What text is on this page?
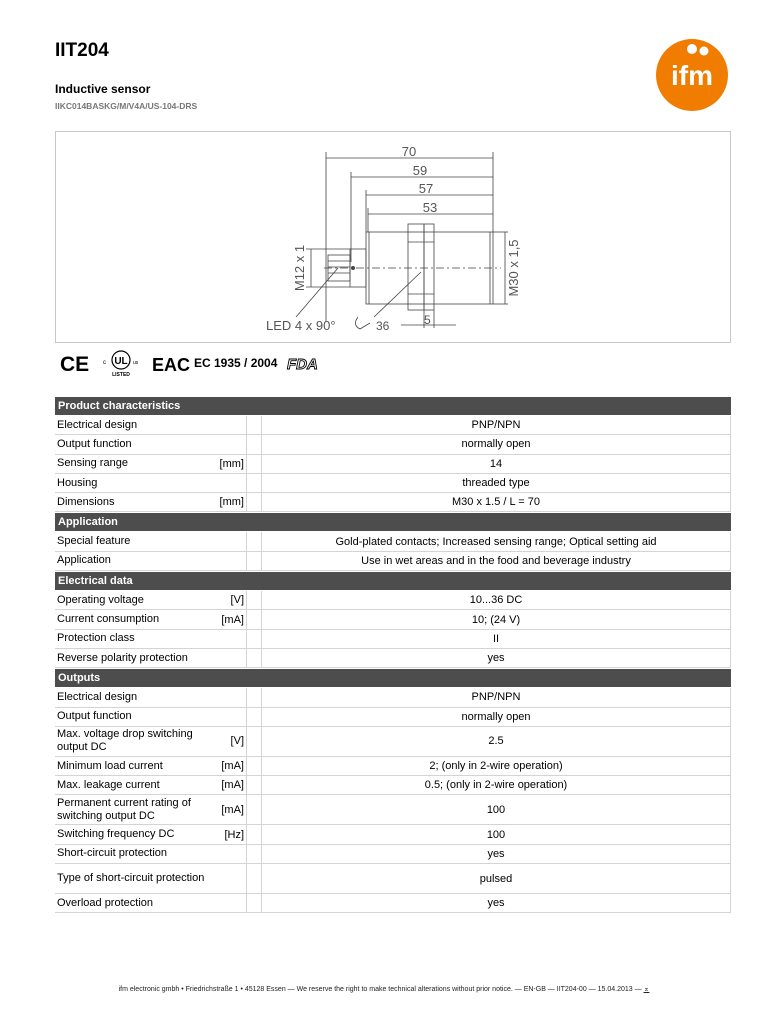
IIT204
Inductive sensor
IIKC014BASKG/M/V4A/US-104-DRS
ifm
70
59
57
53
M12 x 1	M30 x 1,5
LED 4 x 90°	36	5
CE c UL us
LISTED EAC EC 1935 / 2004 FDA
Product characteristics
Electrical design	PNP/NPN
Output function	normally open
Sensing range	[mm]	14
Housing	threaded type
Dimensions	[mm]	M30 x 1.5 / L = 70
Application
Special feature	Gold-plated contacts; Increased sensing range; Optical setting aid
Application	Use in wet areas and in the food and beverage industry
Electrical data
Operating voltage	[V]	10...36 DC
Current consumption	[mA]	10; (24 V)
Protection class	II
Reverse polarity protection	yes
Outputs
Electrical design	PNP/NPN
Output function	normally open
Max. voltage drop switching output DC	[V]	2.5
Minimum load current	[mA]	2; (only in 2-wire operation)
Max. leakage current	[mA]	0.5; (only in 2-wire operation)
Permanent current rating of switching output DC	[mA]	100
Switching frequency DC	[Hz]	100
Short-circuit protection	yes
Type of short-circuit protection	pulsed
Overload protection	yes
ifm electronic gmbh • Friedrichstraße 1 • 45128 Essen — We reserve the right to make technical alterations without prior notice. — EN-GB — IIT204-00 — 15.04.2013 — ⌅
